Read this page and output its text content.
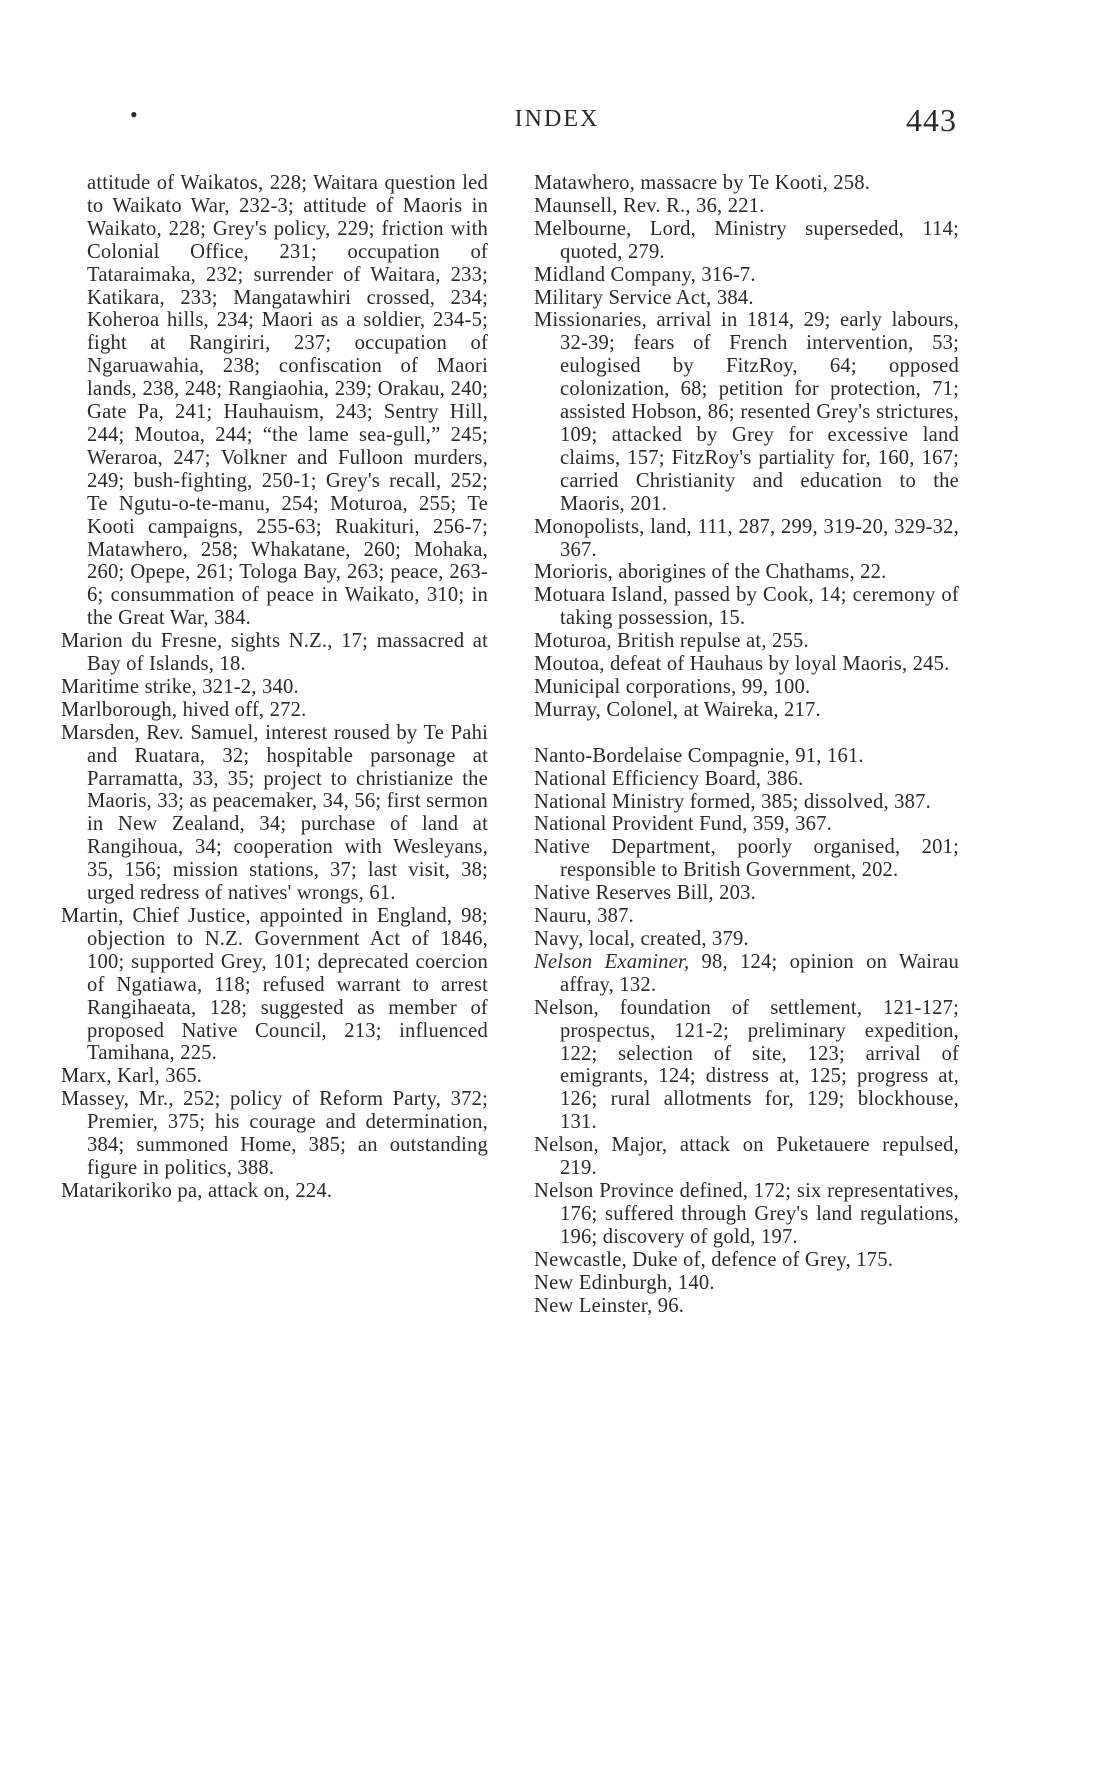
•	INDEX	443

attitude of Waikatos, 228; Waitara question led to Waikato War, 232-3; attitude of Maoris in Waikato, 228; Grey's policy, 229; friction with Colonial Office, 231; occupation of Tataraimaka, 232; surrender of Waitara, 233; Katikara, 233; Mangatawhiri crossed, 234; Koheroa hills, 234; Maori as a soldier, 234-5; fight at Rangiriri, 237; occupation of Ngaruawahia, 238; confiscation of Maori lands, 238, 248; Rangiaohia, 239; Orakau, 240; Gate Pa, 241; Hauhauism, 243; Sentry Hill, 244; Moutoa, 244; “the lame sea-gull,” 245; Weraroa, 247; Volkner and Fulloon murders, 249; bush-fighting, 250-1; Grey's recall, 252; Te Ngutu-o-te-manu, 254; Moturoa, 255; Te Kooti campaigns, 255-63; Ruakituri, 256-7; Matawhero, 258; Whakatane, 260; Mohaka, 260; Opepe, 261; Tologa Bay, 263; peace, 263-6; consummation of peace in Waikato, 310; in the Great War, 384.

Marion du Fresne, sights N.Z., 17; massacred at Bay of Islands, 18.

Maritime strike, 321-2, 340.

Marlborough, hived off, 272.

Marsden, Rev. Samuel, interest roused by Te Pahi and Ruatara, 32; hospitable parsonage at Parramatta, 33, 35; project to christianize the Maoris, 33; as peacemaker, 34, 56; first sermon in New Zealand, 34; purchase of land at Rangihoua, 34; cooperation with Wesleyans, 35, 156; mission stations, 37; last visit, 38; urged redress of natives' wrongs, 61.

Martin, Chief Justice, appointed in England, 98; objection to N.Z. Government Act of 1846, 100; supported Grey, 101; deprecated coercion of Ngatiawa, 118; refused warrant to arrest Rangihaeata, 128; suggested as member of proposed Native Council, 213; influenced Tamihana, 225.

Marx, Karl, 365.

Massey, Mr., 252; policy of Reform Party, 372; Premier, 375; his courage and determination, 384; summoned Home, 385; an outstanding figure in politics, 388.

Matarikoriko pa, attack on, 224.

Matawhero, massacre by Te Kooti, 258.

Maunsell, Rev. R., 36, 221.

Melbourne, Lord, Ministry superseded, 114; quoted, 279.

Midland Company, 316-7.

Military Service Act, 384.

Missionaries, arrival in 1814, 29; early labours, 32-39; fears of French intervention, 53; eulogised by FitzRoy, 64; opposed colonization, 68; petition for protection, 71; assisted Hobson, 86; resented Grey's strictures, 109; attacked by Grey for excessive land claims, 157; FitzRoy's partiality for, 160, 167; carried Christianity and education to the Maoris, 201.

Monopolists, land, 111, 287, 299, 319-20, 329-32, 367.

Morioris, aborigines of the Chathams, 22.

Motuara Island, passed by Cook, 14; ceremony of taking possession, 15.

Moturoa, British repulse at, 255.

Moutoa, defeat of Hauhaus by loyal Maoris, 245.

Municipal corporations, 99, 100.

Murray, Colonel, at Waireka, 217.

Nanto-Bordelaise Compagnie, 91, 161.

National Efficiency Board, 386.

National Ministry formed, 385; dissolved, 387.

National Provident Fund, 359, 367.

Native Department, poorly organised, 201; responsible to British Government, 202.

Native Reserves Bill, 203.

Nauru, 387.

Navy, local, created, 379.

Nelson Examiner, 98, 124; opinion on Wairau affray, 132.

Nelson, foundation of settlement, 121-127; prospectus, 121-2; preliminary expedition, 122; selection of site, 123; arrival of emigrants, 124; distress at, 125; progress at, 126; rural allotments for, 129; blockhouse, 131.

Nelson, Major, attack on Puketauere repulsed, 219.

Nelson Province defined, 172; six representatives, 176; suffered through Grey's land regulations, 196; discovery of gold, 197.

Newcastle, Duke of, defence of Grey, 175.

New Edinburgh, 140.

New Leinster, 96.
